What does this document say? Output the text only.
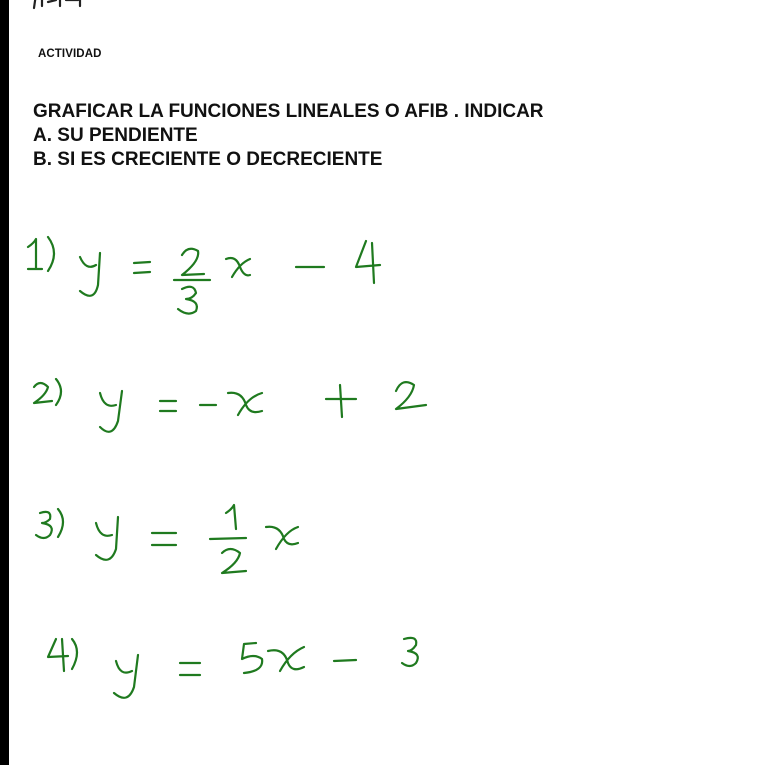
ACTIVIDAD
GRAFICAR LA FUNCIONES LINEALES O AFIB . INDICAR
A. SU PENDIENTE
B. SI ES CRECIENTE O DECRECIENTE
